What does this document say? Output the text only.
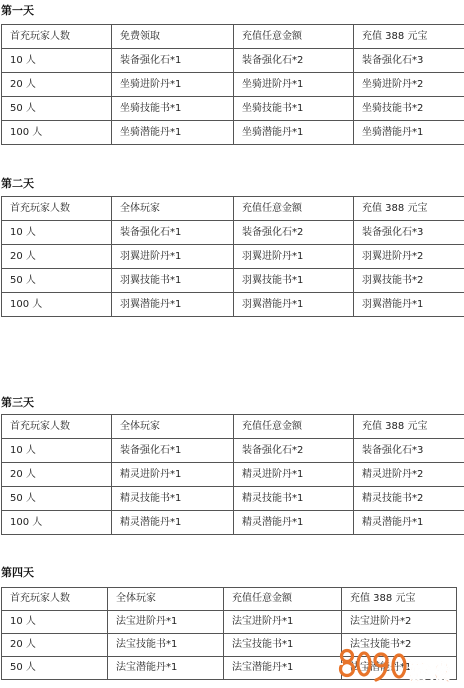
第一天
首充玩家人数	免费领取	充值任意金额	充值 388 元宝
10 人	装备强化石*1	装备强化石*2	装备强化石*3
20 人	坐骑进阶丹*1	坐骑进阶丹*1	坐骑进阶丹*2
50 人	坐骑技能书*1	坐骑技能书*1	坐骑技能书*2
100 人	坐骑潜能丹*1	坐骑潜能丹*1	坐骑潜能丹*1
第二天
首充玩家人数	全体玩家	充值任意金额	充值 388 元宝
10 人	装备强化石*1	装备强化石*2	装备强化石*3
20 人	羽翼进阶丹*1	羽翼进阶丹*1	羽翼进阶丹*2
50 人	羽翼技能书*1	羽翼技能书*1	羽翼技能书*2
100 人	羽翼潜能丹*1	羽翼潜能丹*1	羽翼潜能丹*1
第三天
首充玩家人数	全体玩家	充值任意金额	充值 388 元宝
10 人	装备强化石*1	装备强化石*2	装备强化石*3
20 人	精灵进阶丹*1	精灵进阶丹*1	精灵进阶丹*2
50 人	精灵技能书*1	精灵技能书*1	精灵技能书*2
100 人	精灵潜能丹*1	精灵潜能丹*1	精灵潜能丹*1
第四天
首充玩家人数	全体玩家	充值任意金额	充值 388 元宝
10 人	法宝进阶丹*1	法宝进阶丹*1	法宝进阶丹*2
20 人	法宝技能书*1	法宝技能书*1	法宝技能书*2
50 人	法宝潜能丹*1	法宝潜能丹*1	法宝潜能丹*1
游戏
